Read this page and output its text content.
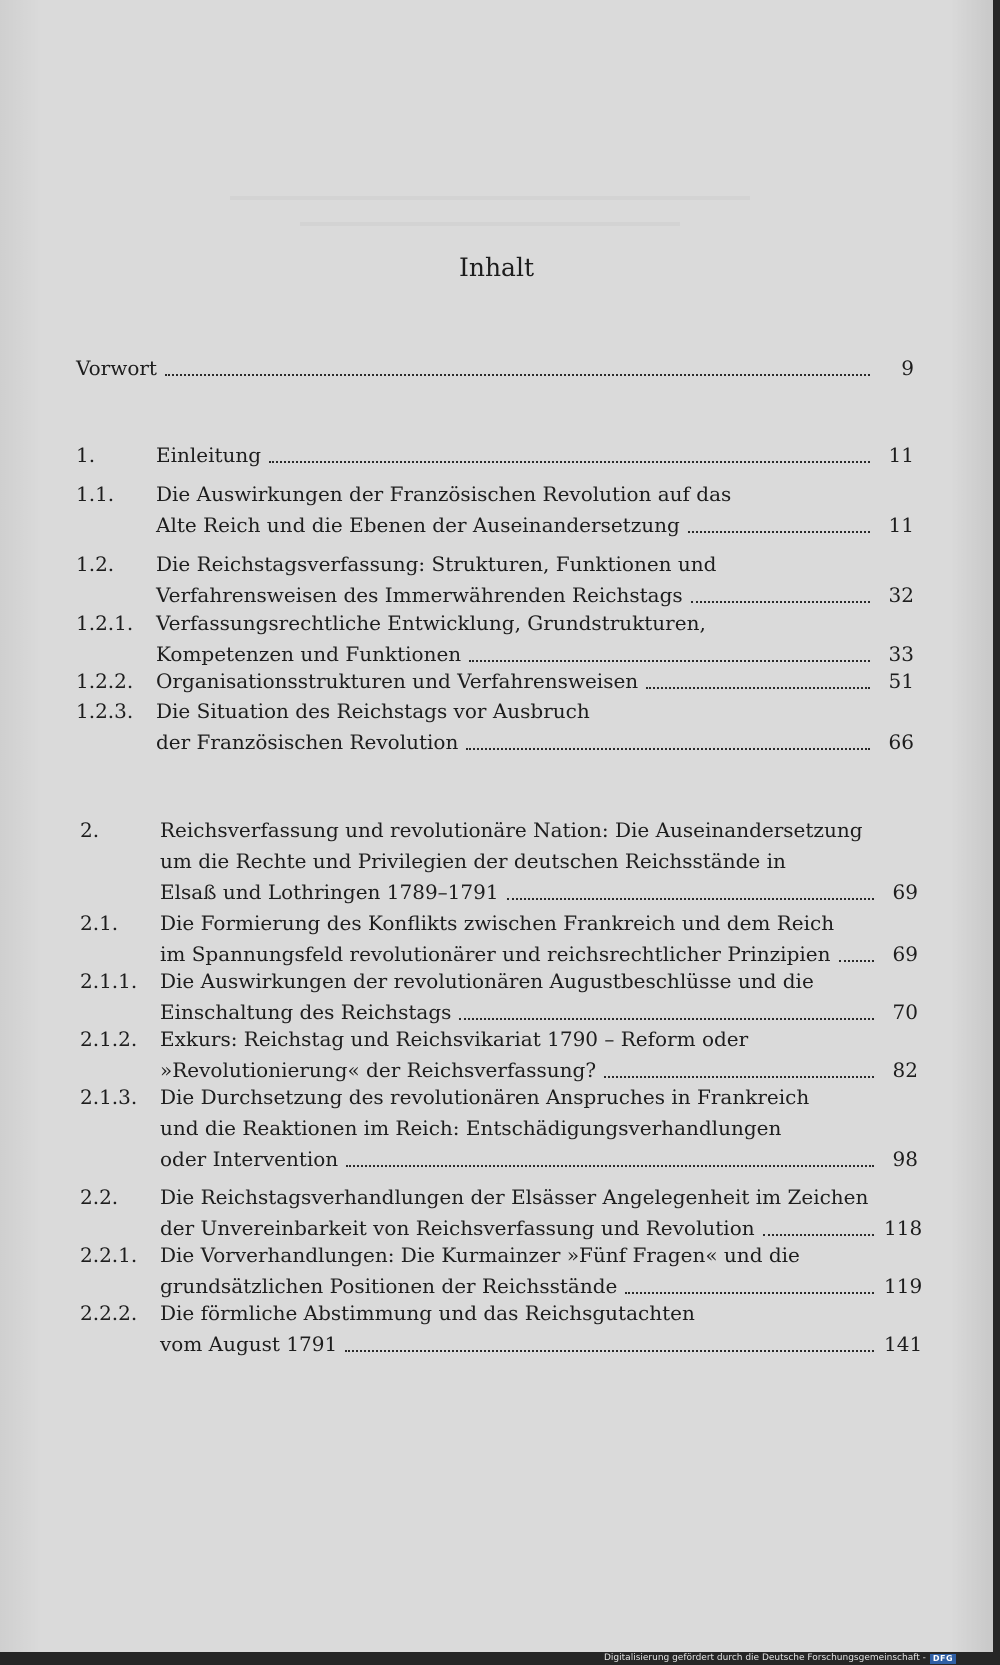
Inhalt
Vorwort	9
1.	Einleitung	11
1.1. Die Auswirkungen der Französischen Revolution auf das
Alte Reich und die Ebenen der Auseinandersetzung	11
1.2. Die Reichstagsverfassung: Strukturen, Funktionen und
Verfahrensweisen des Immerwährenden Reichstags	32
1.2.1. Verfassungsrechtliche Entwicklung, Grundstrukturen,
Kompetenzen und Funktionen	33
1.2.2. Organisationsstrukturen und Verfahrensweisen	51
1.2.3. Die Situation des Reichstags vor Ausbruch
der Französischen Revolution	66
2.	Reichsverfassung und revolutionäre Nation: Die Auseinandersetzung
um die Rechte und Privilegien der deutschen Reichsstände in
Elsaß und Lothringen 1789–1791	69
2.1. Die Formierung des Konflikts zwischen Frankreich und dem Reich
im Spannungsfeld revolutionärer und reichsrechtlicher Prinzipien	69
2.1.1. Die Auswirkungen der revolutionären Augustbeschlüsse und die
Einschaltung des Reichstags	70
2.1.2. Exkurs: Reichstag und Reichsvikariat 1790 – Reform oder
»Revolutionierung« der Reichsverfassung?	82
2.1.3. Die Durchsetzung des revolutionären Anspruches in Frankreich
und die Reaktionen im Reich: Entschädigungsverhandlungen
oder Intervention	98
2.2. Die Reichstagsverhandlungen der Elsässer Angelegenheit im Zeichen
der Unvereinbarkeit von Reichsverfassung und Revolution	118
2.2.1. Die Vorverhandlungen: Die Kurmainzer »Fünf Fragen« und die
grundsätzlichen Positionen der Reichsstände	119
2.2.2. Die förmliche Abstimmung und das Reichsgutachten
vom August 1791	141
Digitalisierung gefördert durch die Deutsche Forschungsgemeinschaft - DFG
